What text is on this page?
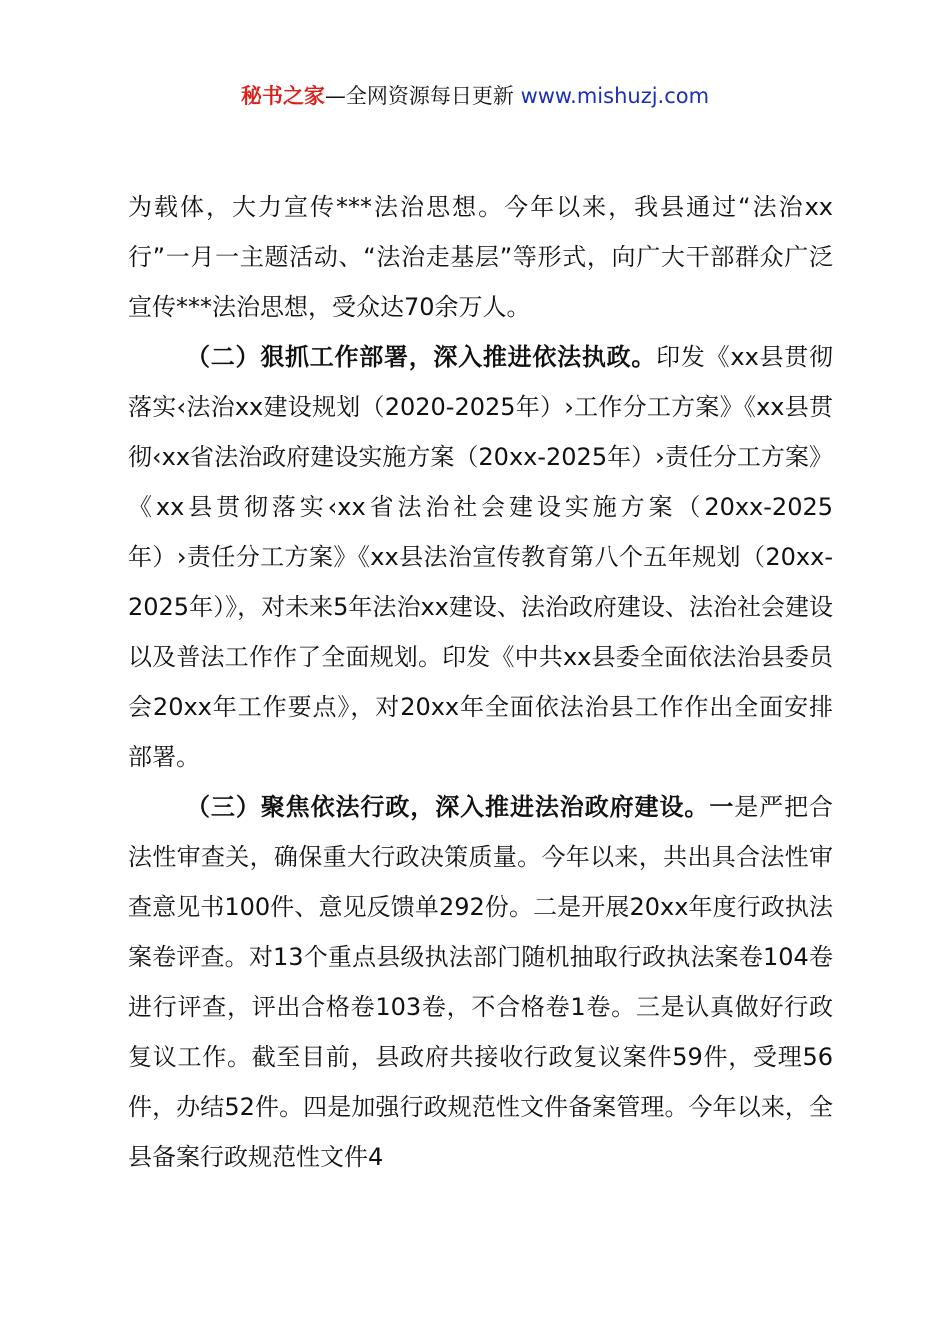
秘书之家—全网资源每日更新 www.mishuzj.com

为载体，大力宣传***法治思想。今年以来，我县通过“法治xx行”一月一主题活动、“法治走基层”等形式，向广大干部群众广泛宣传***法治思想，受众达70余万人。

（二）狠抓工作部署，深入推进依法执政。印发《xx县贯彻落实‹法治xx建设规划（2020-2025年）›工作分工方案》《xx县贯彻‹xx省法治政府建设实施方案（20xx-2025年）›责任分工方案》《xx县贯彻落实‹xx省法治社会建设实施方案（20xx-2025年）›责任分工方案》《xx县法治宣传教育第八个五年规划（20xx-2025年）》，对未来5年法治xx建设、法治政府建设、法治社会建设以及普法工作作了全面规划。印发《中共xx县委全面依法治县委员会20xx年工作要点》，对20xx年全面依法治县工作作出全面安排部署。

（三）聚焦依法行政，深入推进法治政府建设。一是严把合法性审查关，确保重大行政决策质量。今年以来，共出具合法性审查意见书100件、意见反馈单292份。二是开展20xx年度行政执法案卷评查。对13个重点县级执法部门随机抽取行政执法案卷104卷进行评查，评出合格卷103卷，不合格卷1卷。三是认真做好行政复议工作。截至目前，县政府共接收行政复议案件59件，受理56件，办结52件。四是加强行政规范性文件备案管理。今年以来，全县备案行政规范性文件4
